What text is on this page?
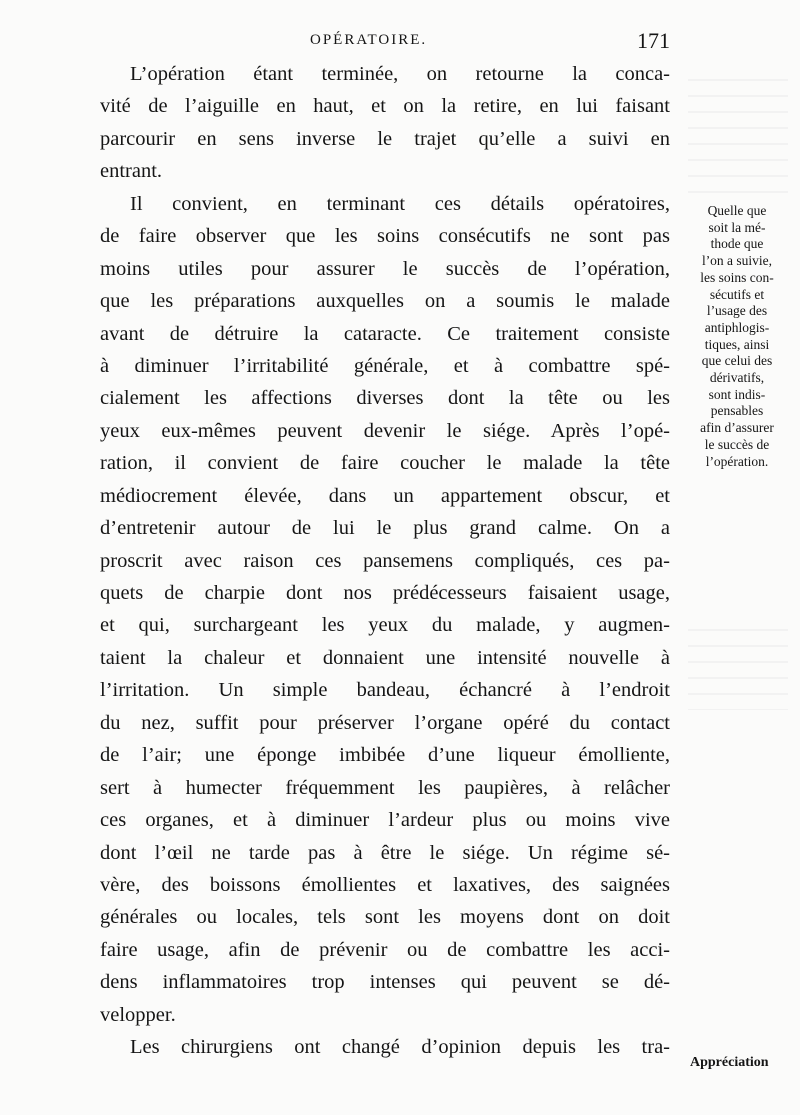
OPÉRATOIRE.	171
L’opération étant terminée, on retourne la conca-
vité de l’aiguille en haut, et on la retire, en lui faisant
parcourir en sens inverse le trajet qu’elle a suivi en
entrant.
Il convient, en terminant ces détails opératoires,
de faire observer que les soins consécutifs ne sont pas
moins utiles pour assurer le succès de l’opération,
que les préparations auxquelles on a soumis le malade
avant de détruire la cataracte. Ce traitement consiste
à diminuer l’irritabilité générale, et à combattre spé-
cialement les affections diverses dont la tête ou les
yeux eux-mêmes peuvent devenir le siége. Après l’opé-
ration, il convient de faire coucher le malade la tête
médiocrement élevée, dans un appartement obscur, et
d’entretenir autour de lui le plus grand calme. On a
proscrit avec raison ces pansemens compliqués, ces pa-
quets de charpie dont nos prédécesseurs faisaient usage,
et qui, surchargeant les yeux du malade, y augmen-
taient la chaleur et donnaient une intensité nouvelle à
l’irritation. Un simple bandeau, échancré à l’endroit
du nez, suffit pour préserver l’organe opéré du contact
de l’air; une éponge imbibée d’une liqueur émolliente,
sert à humecter fréquemment les paupières, à relâcher
ces organes, et à diminuer l’ardeur plus ou moins vive
dont l’œil ne tarde pas à être le siége. Un régime sé-
vère, des boissons émollientes et laxatives, des saignées
générales ou locales, tels sont les moyens dont on doit
faire usage, afin de prévenir ou de combattre les acci-
dens inflammatoires trop intenses qui peuvent se dé-
velopper.
Les chirurgiens ont changé d’opinion depuis les tra-
Quelle que
soit la mé-
thode que
l’on a suivie,
les soins con-
sécutifs et
l’usage des
antiphlogis-
tiques, ainsi
que celui des
dérivatifs,
sont indis-
pensables
afin d’assurer
le succès de
l’opération.
Appréciation
